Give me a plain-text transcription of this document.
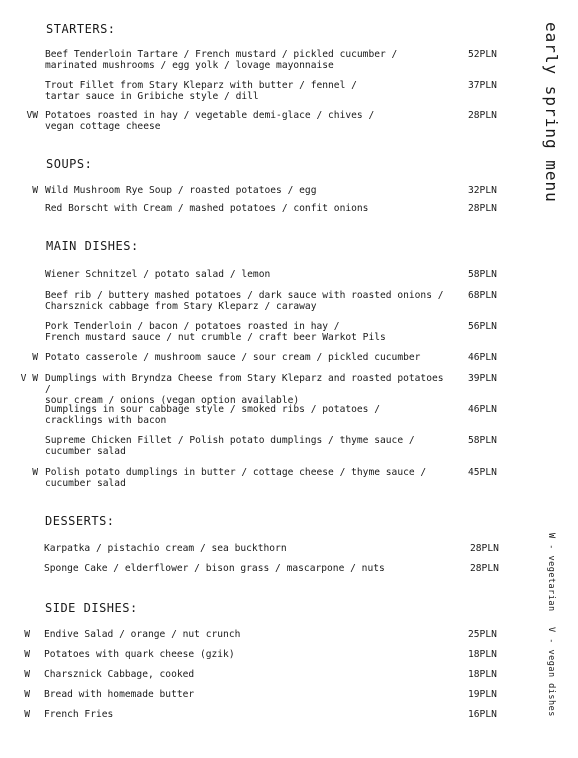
early spring menu
W - vegetarian
V - vegan dishes
STARTERS:
Beef Tenderloin Tartare / French mustard / pickled cucumber /
marinated mushrooms / egg yolk / lovage mayonnaise
52PLN
Trout Fillet from Stary Kleparz with butter / fennel /
tartar sauce in Gribiche style / dill
37PLN
VW Potatoes roasted in hay / vegetable demi-glace / chives /
vegan cottage cheese
28PLN
SOUPS:
W Wild Mushroom Rye Soup / roasted potatoes / egg	32PLN
Red Borscht with Cream / mashed potatoes / confit onions	28PLN
MAIN DISHES:
Wiener Schnitzel / potato salad / lemon	58PLN
Beef rib / buttery mashed potatoes / dark sauce with roasted onions /
Charsznick cabbage from Stary Kleparz / caraway
68PLN
Pork Tenderloin / bacon / potatoes roasted in hay /
French mustard sauce / nut crumble / craft beer Warkot Pils
56PLN
W Potato casserole / mushroom sauce / sour cream / pickled cucumber	46PLN
V W Dumplings with Bryndza Cheese from Stary Kleparz and roasted potatoes /
sour cream / onions (vegan option available)
39PLN
Dumplings in sour cabbage style / smoked ribs / potatoes /
cracklings with bacon
46PLN
Supreme Chicken Fillet / Polish potato dumplings / thyme sauce /
cucumber salad
58PLN
W Polish potato dumplings in butter / cottage cheese / thyme sauce /
cucumber salad
45PLN
DESSERTS:
Karpatka / pistachio cream / sea buckthorn	28PLN
Sponge Cake / elderflower / bison grass / mascarpone / nuts	28PLN
SIDE DISHES:
W Endive Salad / orange / nut crunch	25PLN
W Potatoes with quark cheese (gzik)	18PLN
W Charsznick Cabbage, cooked	18PLN
W Bread with homemade butter	19PLN
W French Fries	16PLN
